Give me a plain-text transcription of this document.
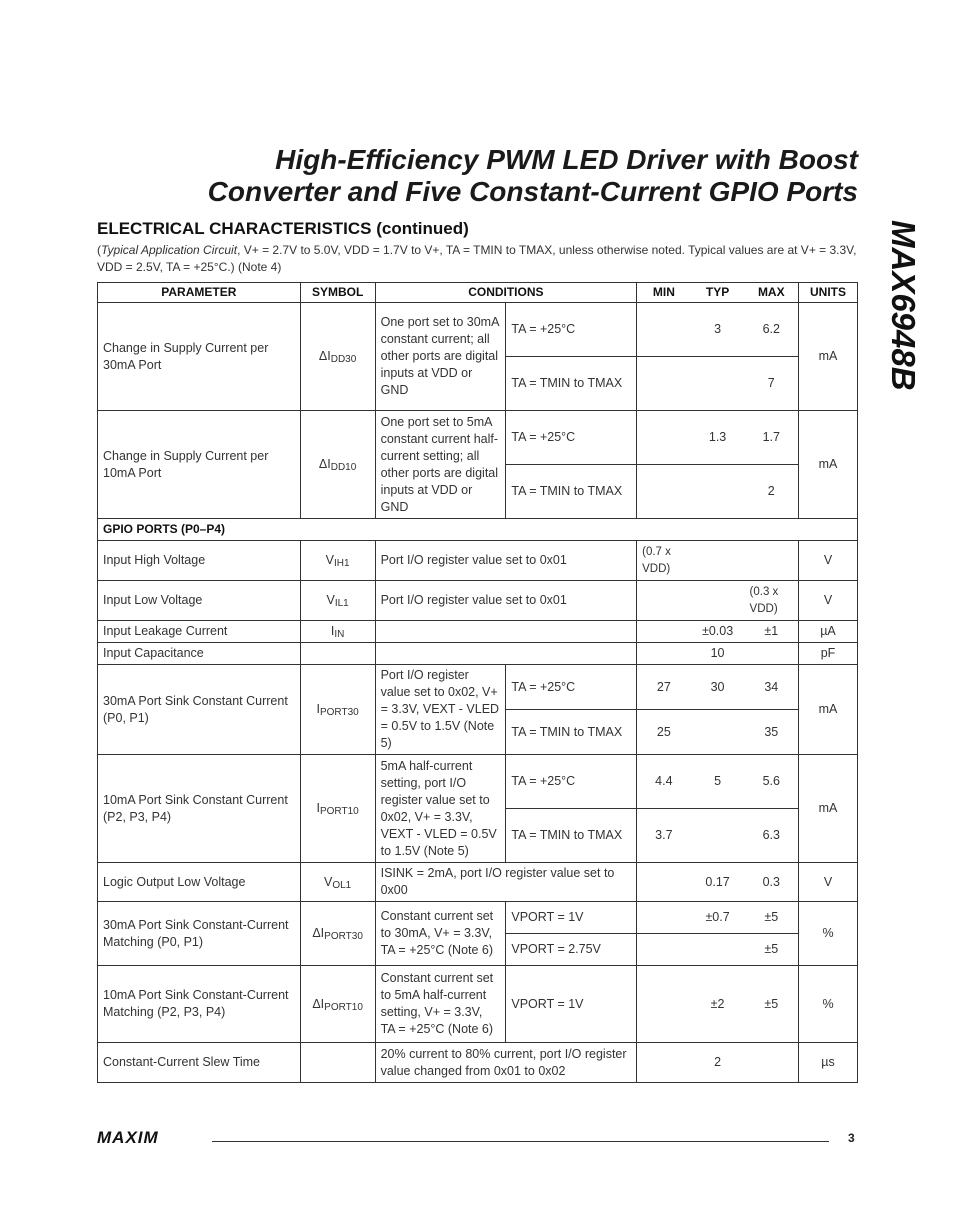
High-Efficiency PWM LED Driver with Boost
Converter and Five Constant-Current GPIO Ports
MAX6948B
ELECTRICAL CHARACTERISTICS (continued)
(Typical Application Circuit, V+ = 2.7V to 5.0V, VDD = 1.7V to V+, TA = TMIN to TMAX, unless otherwise noted. Typical values are at V+ = 3.3V, VDD = 2.5V, TA = +25°C.) (Note 4)
PARAMETER	SYMBOL	CONDITIONS		MIN	TYP	MAX	UNITS
Change in Supply Current per 30mA Port	$\Delta I_{DD30}$	One port set to 30mA constant current; all other ports are digital inputs at VDD or GND	TA = +25°C		3	6.2	mA
			TA = TMIN to TMAX			7	
Change in Supply Current per 10mA Port	$\Delta I_{DD10}$	One port set to 5mA constant current half-current setting; all other ports are digital inputs at VDD or GND	TA = +25°C		1.3	1.7	mA
			TA = TMIN to TMAX			2	
GPIO PORTS (P0–P4)							
Input High Voltage	$V_{IH1}$	Port I/O register value set to 0x01		(0.7 x VDD)			V
Input Low Voltage	$V_{IL1}$	Port I/O register value set to 0x01				(0.3 x VDD)	V
Input Leakage Current	$I_{IN}$				±0.03	±1	µA
Input Capacitance					10		pF
30mA Port Sink Constant Current (P0, P1)	$I_{PORT30}$	Port I/O register value set to 0x02, V+ = 3.3V, VEXT - VLED = 0.5V to 1.5V (Note 5)	TA = +25°C	27	30	34	mA
			TA = TMIN to TMAX	25		35	
10mA Port Sink Constant Current (P2, P3, P4)	$I_{PORT10}$	5mA half-current setting, port I/O register value set to 0x02, V+ = 3.3V, VEXT - VLED = 0.5V to 1.5V (Note 5)	TA = +25°C	4.4	5	5.6	mA
			TA = TMIN to TMAX	3.7		6.3	
Logic Output Low Voltage	$V_{OL1}$	ISINK = 2mA, port I/O register value set to 0x00			0.17	0.3	V
30mA Port Sink Constant-Current Matching (P0, P1)	$\Delta I_{PORT30}$	Constant current set to 30mA, V+ = 3.3V, TA = +25°C (Note 6)	VPORT = 1V		±0.7	±5	%
			VPORT = 2.75V			±5	
10mA Port Sink Constant-Current Matching (P2, P3, P4)	$\Delta I_{PORT10}$	Constant current set to 5mA half-current setting, V+ = 3.3V, TA = +25°C (Note 6)	VPORT = 1V		±2	±5	%
Constant-Current Slew Time		20% current to 80% current, port I/O register value changed from 0x01 to 0x02			2		µs
MAXIM	3
